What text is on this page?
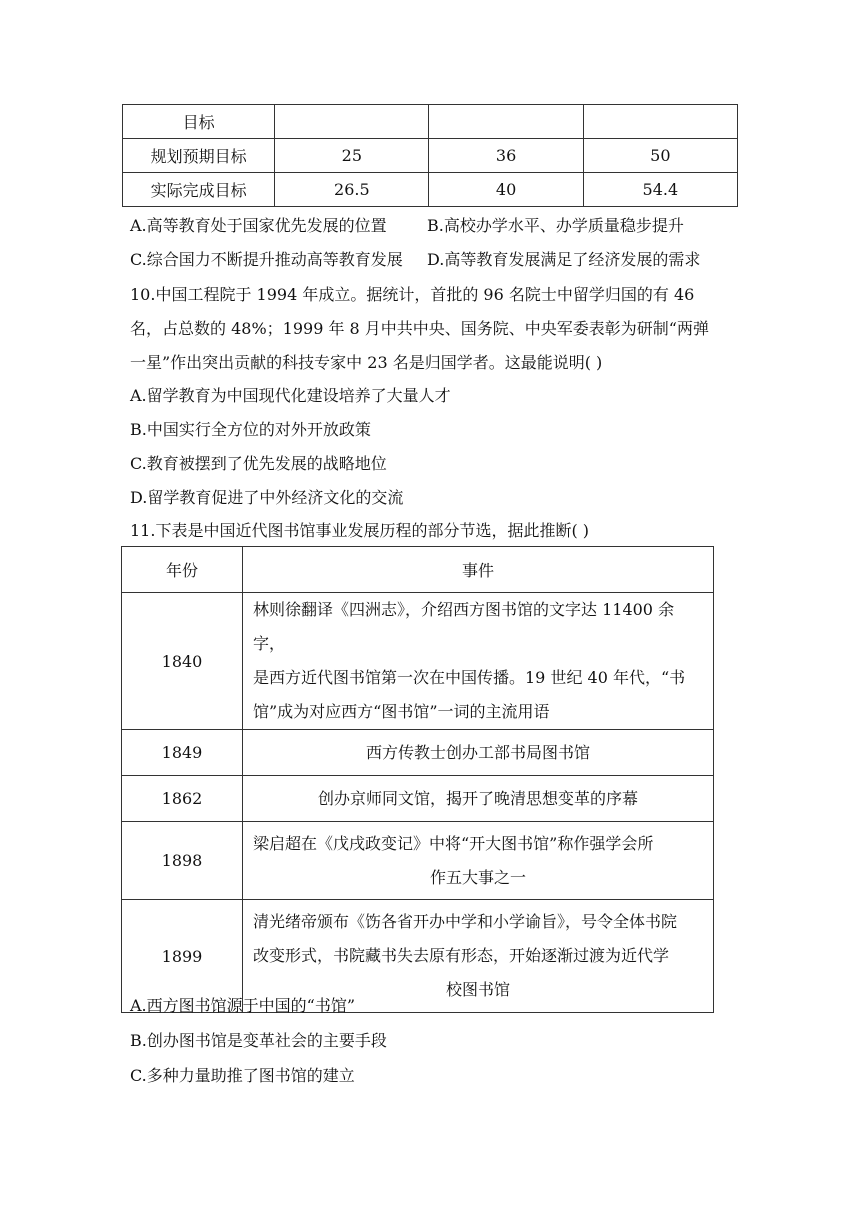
目标			
规划预期目标	25	36	50
实际完成目标	26.5	40	54.4
A.高等教育处于国家优先发展的位置	B.高校办学水平、办学质量稳步提升
C.综合国力不断提升推动高等教育发展 D.高等教育发展满足了经济发展的需求
10.中国工程院于 1994 年成立。据统计，首批的 96 名院士中留学归国的有 46
名，占总数的 48%；1999 年 8 月中共中央、国务院、中央军委表彰为研制“两弹
一星”作出突出贡献的科技专家中 23 名是归国学者。这最能说明( )
A.留学教育为中国现代化建设培养了大量人才
B.中国实行全方位的对外开放政策
C.教育被摆到了优先发展的战略地位
D.留学教育促进了中外经济文化的交流
11.下表是中国近代图书馆事业发展历程的部分节选，据此推断( )
年份	事件
1840	林则徐翻译《四洲志》，介绍西方图书馆的文字达 11400 余字，
是西方近代图书馆第一次在中国传播。19 世纪 40 年代，“书
馆”成为对应西方“图书馆”一词的主流用语

1849	西方传教士创办工部书局图书馆

1862	创办京师同文馆，揭开了晚清思想变革的序幕

1898	梁启超在《戊戌政变记》中将“开大图书馆”称作强学会所
作五大事之一

1899	清光绪帝颁布《饬各省开办中学和小学谕旨》，号令全体书院
改变形式，书院藏书失去原有形态，开始逐渐过渡为近代学
校图书馆
A.西方图书馆源于中国的“书馆”
B.创办图书馆是变革社会的主要手段
C.多种力量助推了图书馆的建立
